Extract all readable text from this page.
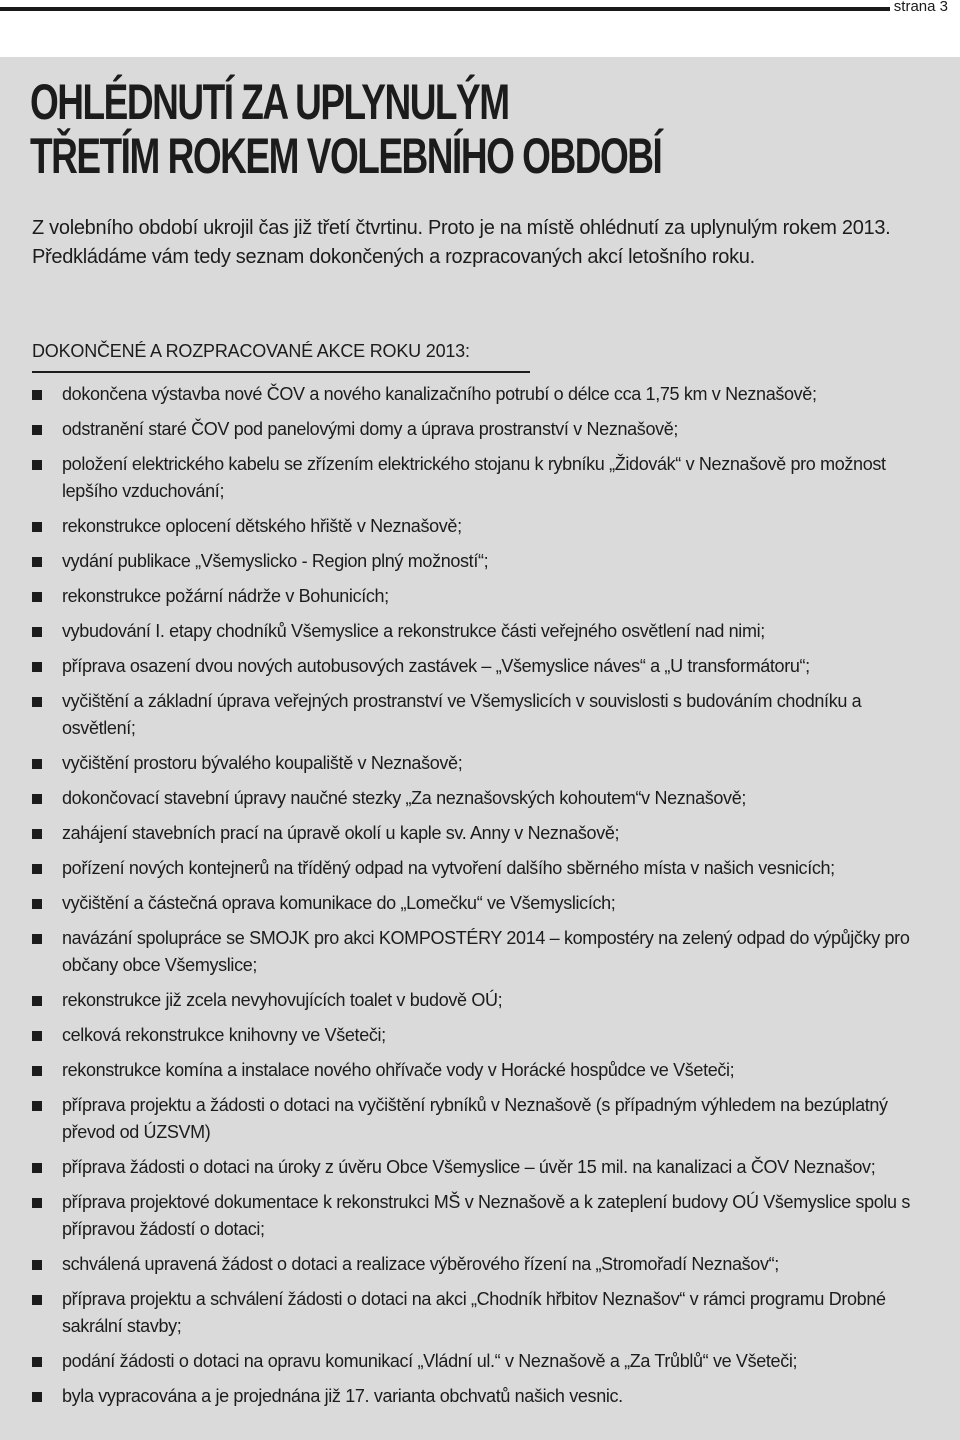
strana 3
OHLÉDNUTÍ ZA UPLYNULÝM
TŘETÍM ROKEM VOLEBNÍHO OBDOBÍ

Z volebního období ukrojil čas již třetí čtvrtinu. Proto je na místě ohlédnutí za uplynulým rokem 2013. Předkládáme vám tedy seznam dokončených a rozpracovaných akcí letošního roku.

DOKONČENÉ A ROZPRACOVANÉ AKCE ROKU 2013:
dokončena výstavba nové ČOV a nového kanalizačního potrubí o délce cca 1,75 km v Neznašově;
odstranění staré ČOV pod panelovými domy a úprava prostranství v Neznašově;
položení elektrického kabelu se zřízením elektrického stojanu k rybníku „Židovák“ v Neznašově pro možnost lepšího vzduchování;
rekonstrukce oplocení dětského hřiště v Neznašově;
vydání publikace „Všemyslicko - Region plný možností“;
rekonstrukce požární nádrže v Bohunicích;
vybudování I. etapy chodníků Všemyslice a rekonstrukce části veřejného osvětlení nad nimi;
příprava osazení dvou nových autobusových zastávek – „Všemyslice náves“ a „U transformátoru“;
vyčištění a základní úprava veřejných prostranství ve Všemyslicích v souvislosti s budováním chodníku a osvětlení;
vyčištění prostoru bývalého koupaliště v Neznašově;
dokončovací stavební úpravy naučné stezky „Za neznašovských kohoutem“v Neznašově;
zahájení stavebních prací na úpravě okolí u kaple sv. Anny v Neznašově;
pořízení nových kontejnerů na tříděný odpad na vytvoření dalšího sběrného místa v našich vesnicích;
vyčištění a částečná oprava komunikace do „Lomečku“ ve Všemyslicích;
navázání spolupráce se SMOJK pro akci KOMPOSTÉRY 2014 – kompostéry na zelený odpad do výpůjčky pro občany obce Všemyslice;
rekonstrukce již zcela nevyhovujících toalet v budově OÚ;
celková rekonstrukce knihovny ve Všeteči;
rekonstrukce komína a instalace nového ohřívače vody v Horácké hospůdce ve Všeteči;
příprava projektu a žádosti o dotaci na vyčištění rybníků v Neznašově (s případným výhledem na bezúplatný převod od ÚZSVM)
příprava žádosti o dotaci na úroky z úvěru Obce Všemyslice – úvěr 15 mil. na kanalizaci a ČOV Neznašov;
příprava projektové dokumentace k rekonstrukci MŠ v Neznašově a k zateplení budovy OÚ Všemyslice spolu s přípravou žádostí o dotaci;
schválená upravená žádost o dotaci a realizace výběrového řízení na „Stromořadí Neznašov“;
příprava projektu a schválení žádosti o dotaci na akci „Chodník hřbitov Neznašov“ v rámci programu Drobné sakrální stavby;
podání žádosti o dotaci na opravu komunikací „Vládní ul.“ v Neznašově a „Za Trůblů“ ve Všeteči;
byla vypracována a je projednána již 17. varianta obchvatů našich vesnic.
